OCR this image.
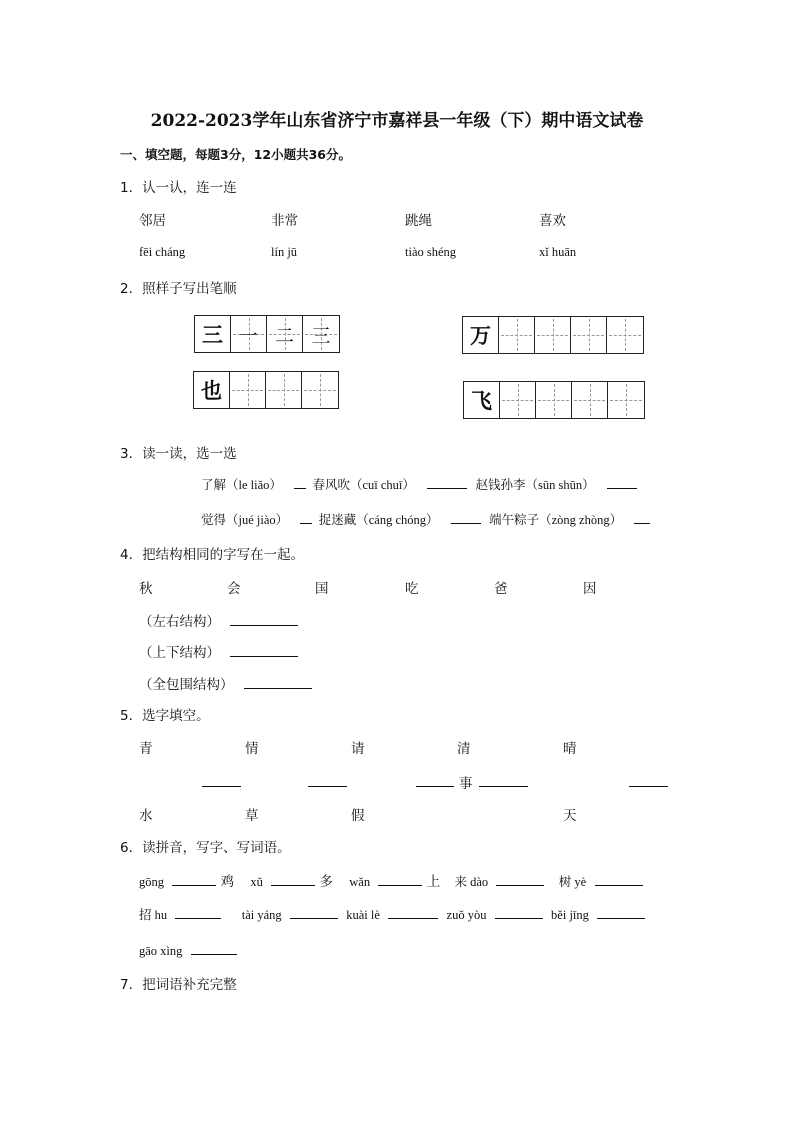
2022-2023学年山东省济宁市嘉祥县一年级（下）期中语文试卷
一、填空题，每题3分，12小题共36分。
1．认一认，连一连
邻居	非常	跳绳	喜欢
fēi cháng	lín jū	tiào shéng	xǐ huān
2．照样子写出笔顺
三 一 二 三	万
也	飞
3．读一读，选一选
了解（le liǎo） 春风吹（cuī chuī）	赵钱孙李（sūn shūn）
觉得（jué jiào） 捉迷藏（cáng chóng）	端午粽子（zòng zhòng）
4．把结构相同的字写在一起。
秋	会	国	吃	爸	因
（左右结构）
（上下结构）
（全包围结构）
5．选字填空。
青	情	请	清	晴
事
水	草	假	天
6．读拼音，写字、写词语。
gōng	鸡 xǔ	多 wǎn	上 来 dào	树 yè
招 hu	tài yáng	kuài lè	zuǒ yòu	běi jīng
gāo xìng
7．把词语补充完整
